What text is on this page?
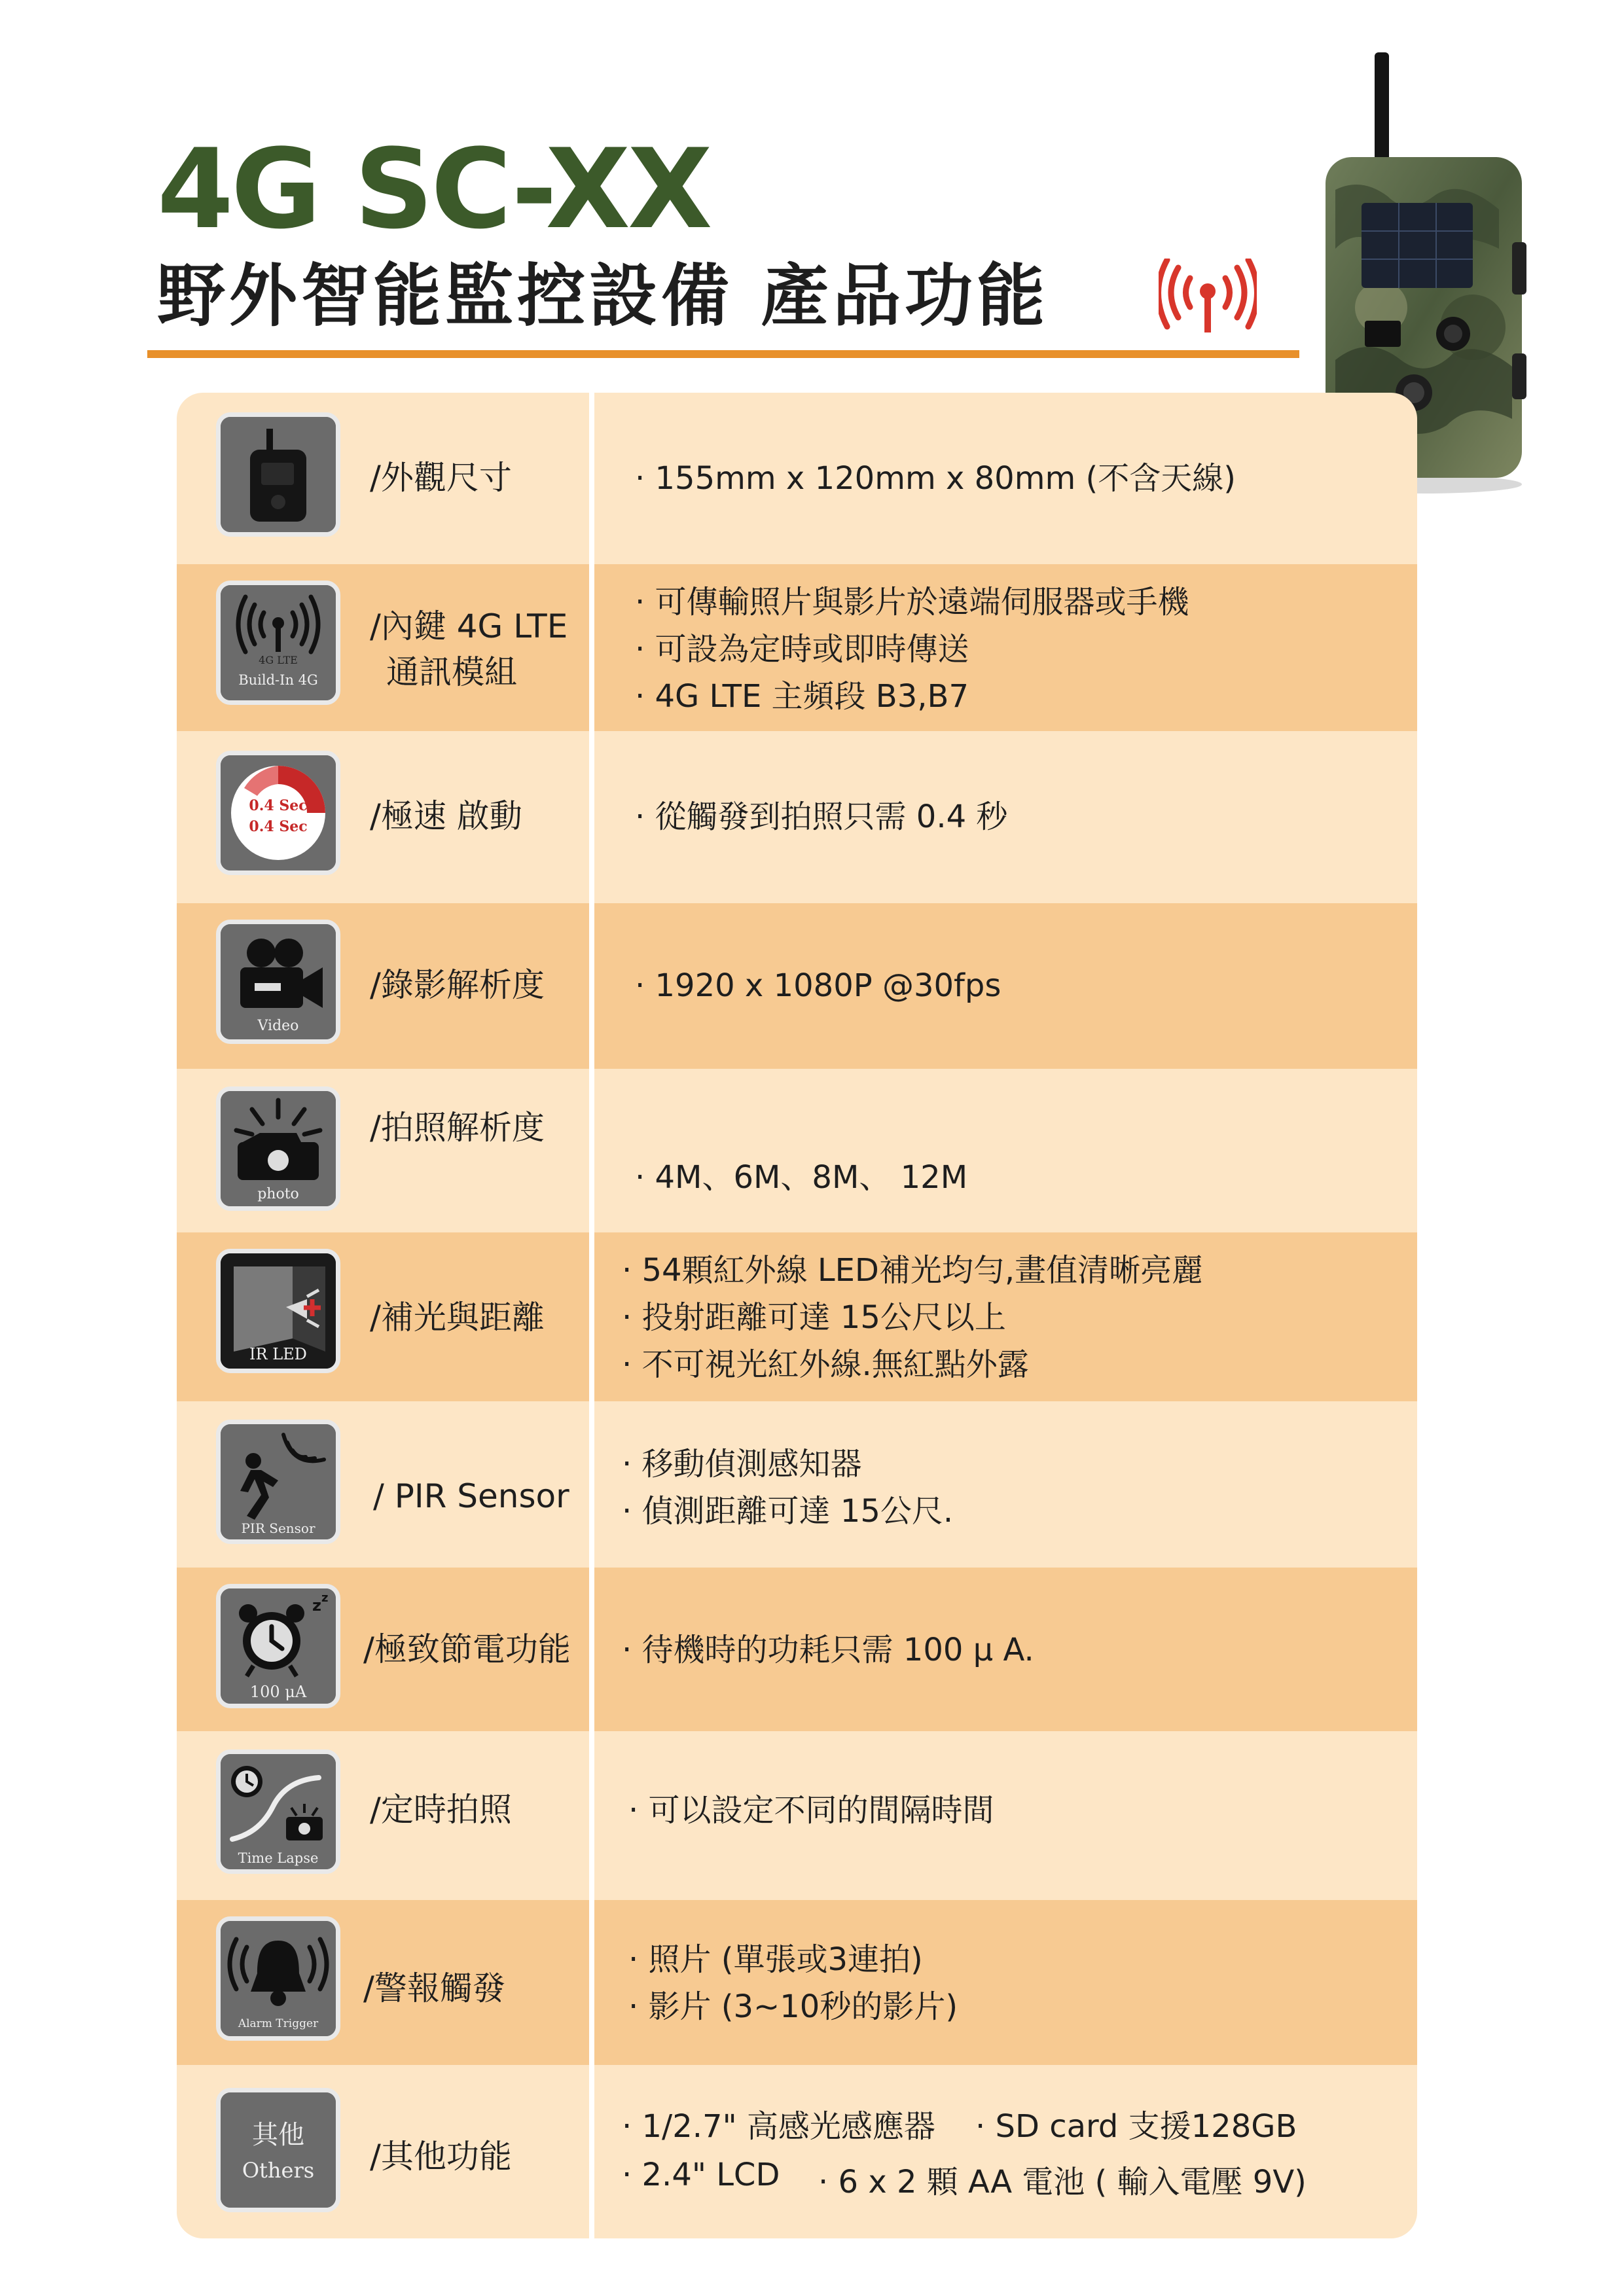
4G SC-XX
野外智能監控設備 產品功能
/外觀尺寸	· 155mm x 120mm x 80mm (不含天線)
4G LTE
Build-In 4G
/內鍵 4G LTE
通訊模組
· 可傳輸照片與影片於遠端伺服器或手機
· 可設為定時或即時傳送
· 4G LTE 主頻段 B3,B7
0.4 Sec
0.4 Sec /極速 啟動	· 從觸發到拍照只需 0.4 秒
Video
/錄影解析度	· 1920 x 1080P @30fps
photo
/拍照解析度
· 4M、6M、8M、 12M
IR LED
/補光與距離
· 54顆紅外線 LED補光均勻,畫值清晰亮麗
· 投射距離可達 15公尺以上
· 不可視光紅外線.無紅點外露
PIR Sensor
/ PIR Sensor
· 移動偵測感知器
· 偵測距離可達 15公尺.
z z
100 μA
/極致節電功能 · 待機時的功耗只需 100 μ A.
Time Lapse
/定時拍照	· 可以設定不同的間隔時間
Alarm Trigger
/警報觸發
· 照片 (單張或3連拍)
· 影片 (3~10秒的影片)
其他
Others /其他功能
· 1/2.7" 高感光感應器 · SD card 支援128GB
· 2.4" LCD · 6 x 2 顆 AA 電池 ( 輸入電壓 9V)
